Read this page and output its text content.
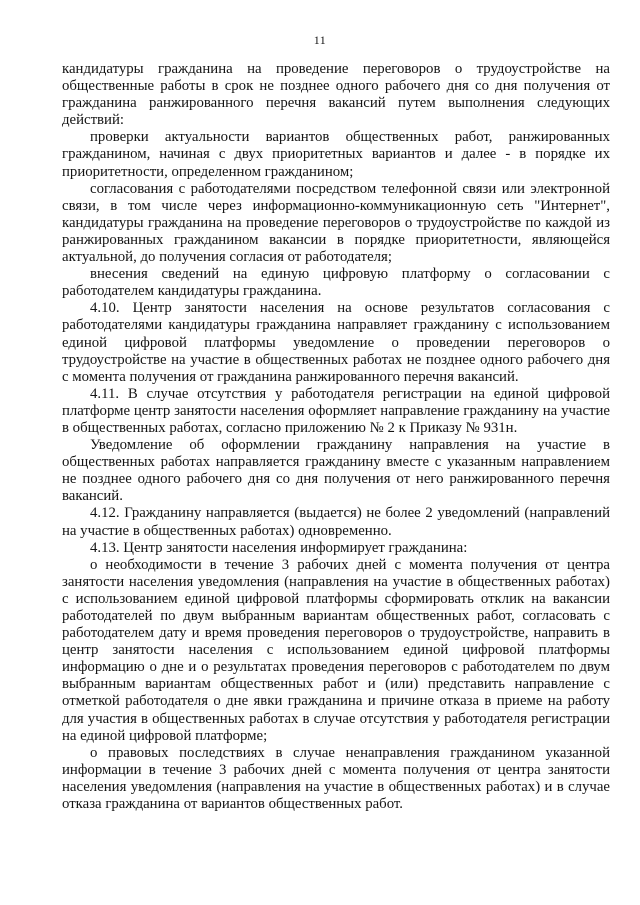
11

кандидатуры гражданина на проведение переговоров о трудоустройстве на общественные работы в срок не позднее одного рабочего дня со дня получения от гражданина ранжированного перечня вакансий путем выполнения следующих действий:

проверки актуальности вариантов общественных работ, ранжированных гражданином, начиная с двух приоритетных вариантов и далее - в порядке их приоритетности, определенном гражданином;

согласования с работодателями посредством телефонной связи или электронной связи, в том числе через информационно-коммуникационную сеть "Интернет", кандидатуры гражданина на проведение переговоров о трудоустройстве по каждой из ранжированных гражданином вакансии в порядке приоритетности, являющейся актуальной, до получения согласия от работодателя;

внесения сведений на единую цифровую платформу о согласовании с работодателем кандидатуры гражданина.

4.10. Центр занятости населения на основе результатов согласования с работодателями кандидатуры гражданина направляет гражданину с использованием единой цифровой платформы уведомление о проведении переговоров о трудоустройстве на участие в общественных работах не позднее одного рабочего дня с момента получения от гражданина ранжированного перечня вакансий.

4.11. В случае отсутствия у работодателя регистрации на единой цифровой платформе центр занятости населения оформляет направление гражданину на участие в общественных работах, согласно приложению № 2 к Приказу № 931н.

Уведомление об оформлении гражданину направления на участие в общественных работах направляется гражданину вместе с указанным направлением не позднее одного рабочего дня со дня получения от него ранжированного перечня вакансий.

4.12. Гражданину направляется (выдается) не более 2 уведомлений (направлений на участие в общественных работах) одновременно.

4.13. Центр занятости населения информирует гражданина:

о необходимости в течение 3 рабочих дней с момента получения от центра занятости населения уведомления (направления на участие в общественных работах) с использованием единой цифровой платформы сформировать отклик на вакансии работодателей по двум выбранным вариантам общественных работ, согласовать с работодателем дату и время проведения переговоров о трудоустройстве, направить в центр занятости населения с использованием единой цифровой платформы информацию о дне и о результатах проведения переговоров с работодателем по двум выбранным вариантам общественных работ и (или) представить направление с отметкой работодателя о дне явки гражданина и причине отказа в приеме на работу для участия в общественных работах в случае отсутствия у работодателя регистрации на единой цифровой платформе;

о правовых последствиях в случае ненаправления гражданином указанной информации в течение 3 рабочих дней с момента получения от центра занятости населения уведомления (направления на участие в общественных работах) и в случае отказа гражданина от вариантов общественных работ.
